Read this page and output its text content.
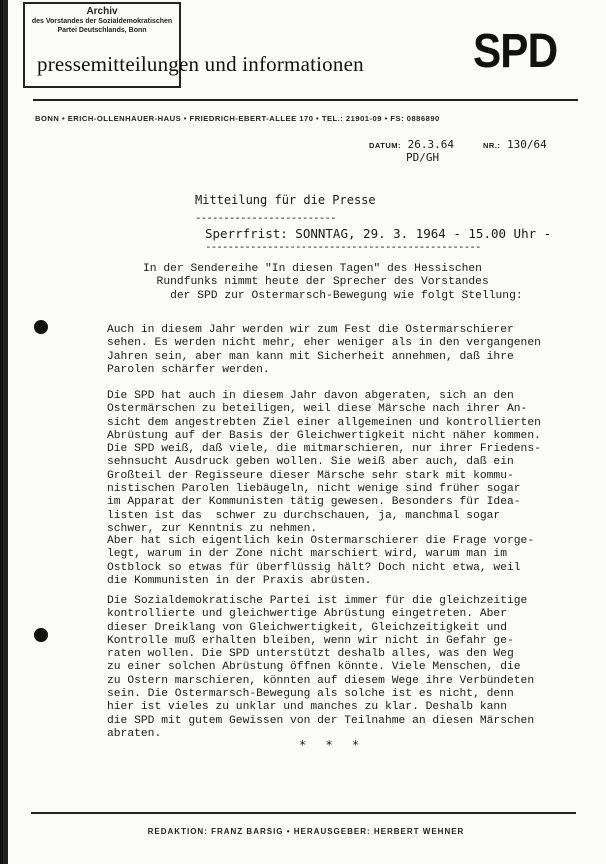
Archiv
des Vorstandes der Sozialdemokratischen
Partei Deutschlands, Bonn
pressemitteilungen und informationen SPD
BONN • ERICH-OLLENHAUER-HAUS • FRIEDRICH-EBERT-ALLEE 170 • TEL.: 21901-09 • FS: 0886890
DATUM: 26.3.64	NR.: 130/64
PD/GH
Mitteilung für die Presse
-------------------------
Sperrfrist: SONNTAG, 29. 3. 1964 - 15.00 Uhr -
-------------------------------------------------
In der Sendereihe "In diesen Tagen" des Hessischen
Rundfunks nimmt heute der Sprecher des Vorstandes
der SPD zur Ostermarsch-Bewegung wie folgt Stellung:
Auch in diesem Jahr werden wir zum Fest die Ostermarschierer
sehen. Es werden nicht mehr, eher weniger als in den vergangenen
Jahren sein, aber man kann mit Sicherheit annehmen, daß ihre
Parolen schärfer werden.
Die SPD hat auch in diesem Jahr davon abgeraten, sich an den
Ostermärschen zu beteiligen, weil diese Märsche nach ihrer An-
sicht dem angestrebten Ziel einer allgemeinen und kontrollierten
Abrüstung auf der Basis der Gleichwertigkeit nicht näher kommen.
Die SPD weiß, daß viele, die mitmarschieren, nur ihrer Friedens-
sehnsucht Ausdruck geben wollen. Sie weiß aber auch, daß ein
Großteil der Regisseure dieser Märsche sehr stark mit kommu-
nistischen Parolen liebäugeln, nicht wenige sind früher sogar
im Apparat der Kommunisten tätig gewesen. Besonders für Idea-
listen ist das  schwer zu durchschauen, ja, manchmal sogar
schwer, zur Kenntnis zu nehmen.
Aber hat sich eigentlich kein Ostermarschierer die Frage vorge-
legt, warum in der Zone nicht marschiert wird, warum man im
Ostblock so etwas für überflüssig hält? Doch nicht etwa, weil
die Kommunisten in der Praxis abrüsten.
Die Sozialdemokratische Partei ist immer für die gleichzeitige
kontrollierte und gleichwertige Abrüstung eingetreten. Aber
dieser Dreiklang von Gleichwertigkeit, Gleichzeitigkeit und
Kontrolle muß erhalten bleiben, wenn wir nicht in Gefahr ge-
raten wollen. Die SPD unterstützt deshalb alles, was den Weg
zu einer solchen Abrüstung öffnen könnte. Viele Menschen, die
zu Ostern marschieren, könnten auf diesem Wege ihre Verbündeten
sein. Die Ostermarsch-Bewegung als solche ist es nicht, denn
hier ist vieles zu unklar und manches zu klar. Deshalb kann
die SPD mit gutem Gewissen von der Teilnahme an diesen Märschen
abraten.
* * *
REDAKTION: FRANZ BARSIG • HERAUSGEBER: HERBERT WEHNER
